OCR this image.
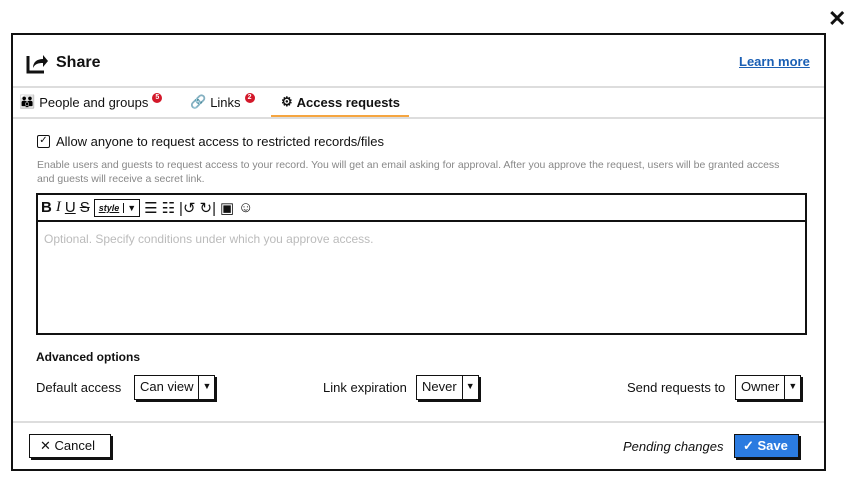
✕
Share	Learn more
👪 People and groups	5 🔗 Links	2 ⚙ Access requests
✓ Allow anyone to request access to restricted records/files
Enable users and guests to request access to your record. You will get an email asking for approval. After you approve the request, users will be granted access and guests will receive a secret link.
B I U S	style ▼ ☰ ☷ |↺ ↻| ▣ ☺
Optional. Specify conditions under which you approve access.
Advanced options
Default access	Can view	▼	Link expiration	Never	▼	Send requests to	Owner	▼
✕ Cancel	Pending changes	✓ Save
